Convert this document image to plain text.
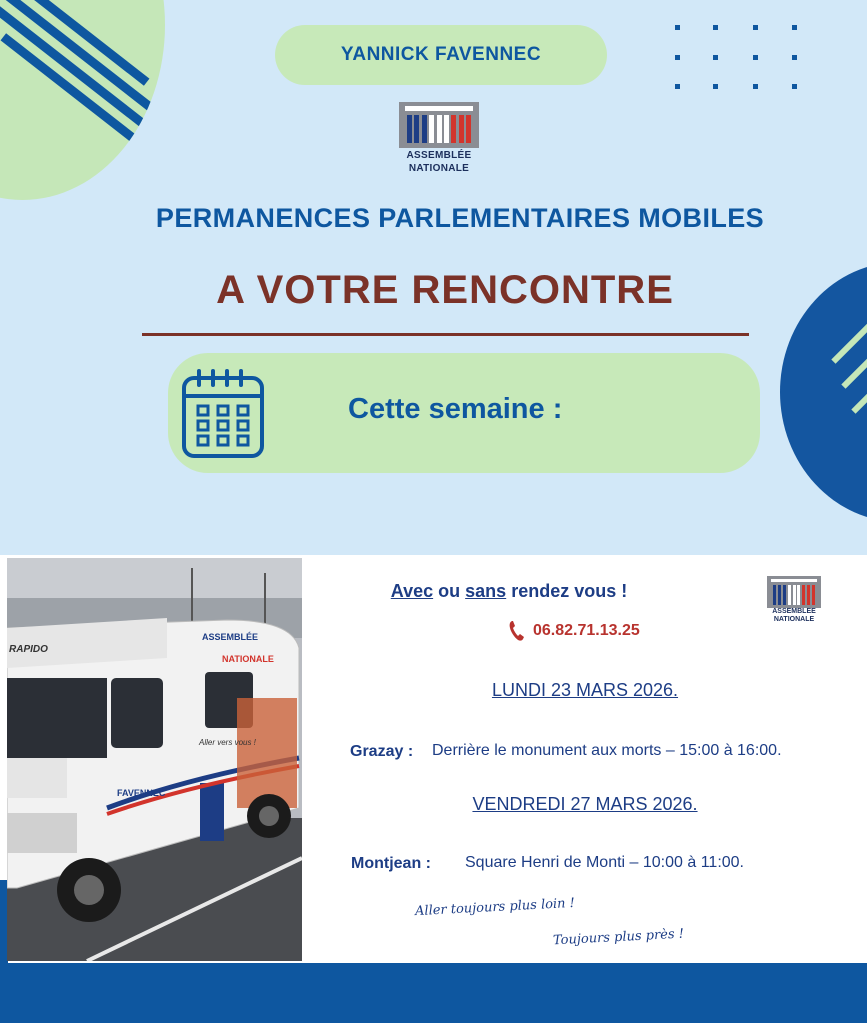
YANNICK FAVENNEC
ASSEMBLÉE
NATIONALE
PERMANENCES PARLEMENTAIRES MOBILES
A VOTRE RENCONTRE
Cette semaine :
RAPIDO
ASSEMBLÉE
NATIONALE
FAVENNEC
Aller vers vous !
Avec ou sans rendez vous !
06.82.71.13.25
ASSEMBLÉE
NATIONALE
LUNDI 23 MARS 2026.
Grazay : Derrière le monument aux morts – 15:00 à 16:00.
VENDREDI 27 MARS 2026.
Montjean : Square Henri de Monti – 10:00 à 11:00.
Aller toujours plus loin !
Toujours plus près !
